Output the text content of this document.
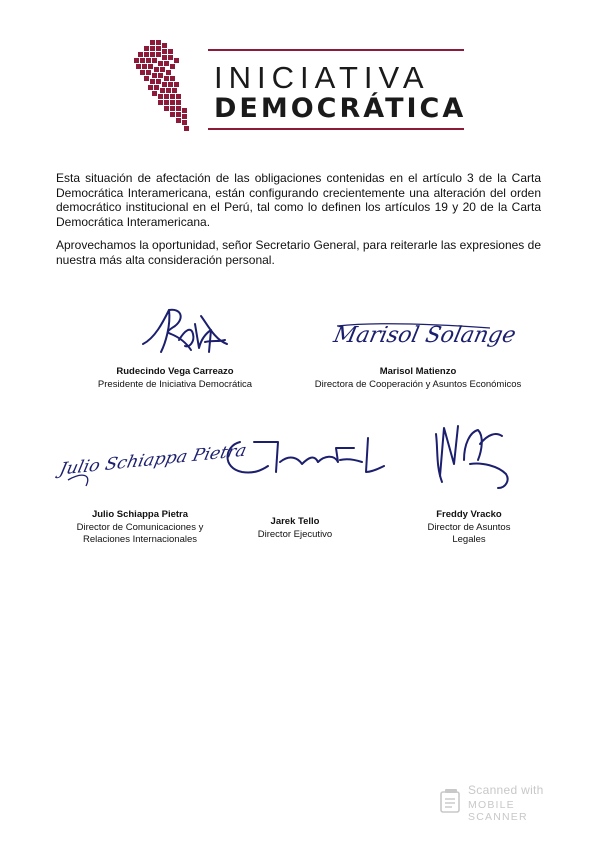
INICIATIVA
DEMOCRÁTICA
Esta situación de afectación de las obligaciones contenidas en el artículo 3 de la Carta Democrática Interamericana, están configurando crecientemente una alteración del orden democrático institucional en el Perú, tal como lo definen los artículos 19 y 20 de la Carta Democrática Interamericana.
Aprovechamos la oportunidad, señor Secretario General, para reiterarle las expresiones de nuestra más alta consideración personal.
Rudecindo Vega Carreazo
Presidente de Iniciativa Democrática
Marisol Solange
Marisol Matienzo
Directora de Cooperación y Asuntos Económicos
Julio Schiappa Pietra
Julio Schiappa Pietra
Director de Comunicaciones y
Relaciones Internacionales
Jarek Tello
Director Ejecutivo
Freddy Vracko
Director de Asuntos
Legales
Scanned with
MOBILE SCANNER
